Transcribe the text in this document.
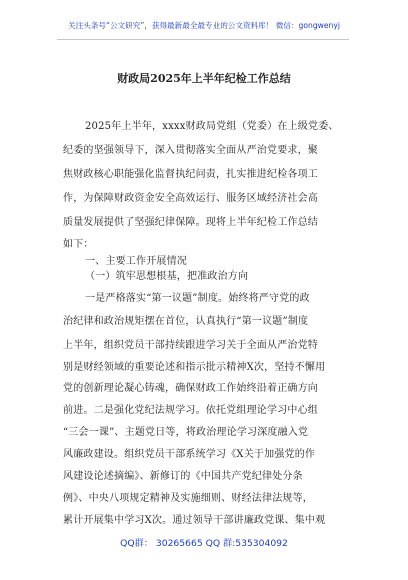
关注头条号“公文研究”，获得最新最全最专业的公文资料库！ 微信：gongwenyj
财政局2025年上半年纪检工作总结
2025年上半年，xxxx财政局党组（党委）在上级党委、
纪委的坚强领导下，深入贯彻落实全面从严治党要求，聚
焦财政核心职能强化监督执纪问责，扎实推进纪检各项工
作，为保障财政资金安全高效运行、服务区域经济社会高
质量发展提供了坚强纪律保障。现将上半年纪检工作总结
如下：
一、主要工作开展情况
（一）筑牢思想根基，把准政治方向
一是严格落实“第一议题”制度。始终将严守党的政
治纪律和政治规矩摆在首位，认真执行“第一议题”制度
上半年，组织党员干部持续跟进学习关于全面从严治党特
别是财经领域的重要论述和指示批示精神X次，坚持不懈用
党的创新理论凝心铸魂，确保财政工作始终沿着正确方向
前进。二是强化党纪法规学习。依托党组理论学习中心组
“三会一课”、主题党日等，将政治理论学习深度融入党
风廉政建设。组织党员干部系统学习《X关于加强党的作
风建设论述摘编》、新修订的《中国共产党纪律处分条
例》、中央八项规定精神及实施细则、财经法律法规等，
累计开展集中学习X次。通过领导干部讲廉政党课、集中观
QQ群： 30265665 QQ 群:535304092
